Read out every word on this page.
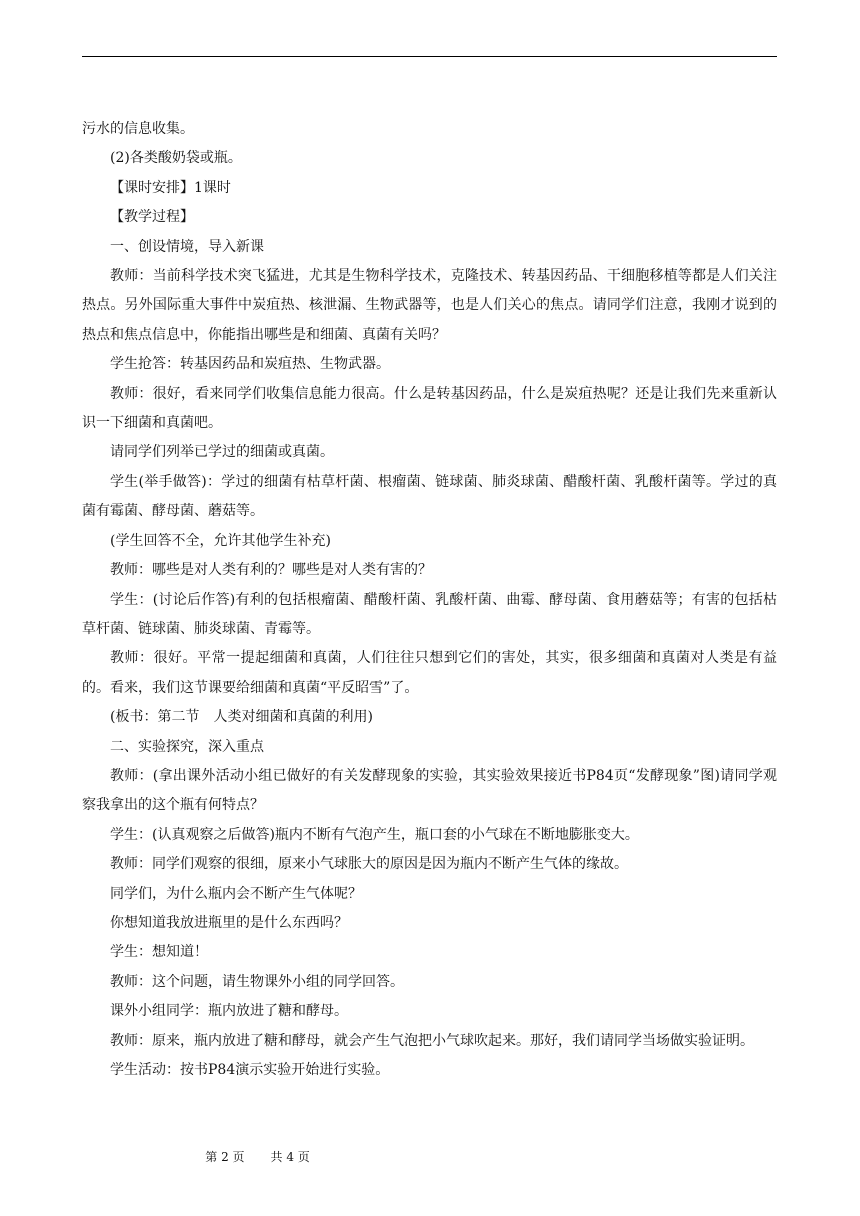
污水的信息收集。

(2)各类酸奶袋或瓶。

【课时安排】1课时

【教学过程】

一、创设情境，导入新课

教师：当前科学技术突飞猛进，尤其是生物科学技术，克隆技术、转基因药品、干细胞移植等都是人们关注热点。另外国际重大事件中炭疽热、核泄漏、生物武器等，也是人们关心的焦点。请同学们注意，我刚才说到的热点和焦点信息中，你能指出哪些是和细菌、真菌有关吗？

学生抢答：转基因药品和炭疽热、生物武器。

教师：很好，看来同学们收集信息能力很高。什么是转基因药品，什么是炭疽热呢？还是让我们先来重新认识一下细菌和真菌吧。

请同学们列举已学过的细菌或真菌。

学生(举手做答)：学过的细菌有枯草杆菌、根瘤菌、链球菌、肺炎球菌、醋酸杆菌、乳酸杆菌等。学过的真菌有霉菌、酵母菌、蘑菇等。

(学生回答不全，允许其他学生补充)

教师：哪些是对人类有利的？哪些是对人类有害的？

学生：(讨论后作答)有利的包括根瘤菌、醋酸杆菌、乳酸杆菌、曲霉、酵母菌、食用蘑菇等；有害的包括枯草杆菌、链球菌、肺炎球菌、青霉等。

教师：很好。平常一提起细菌和真菌，人们往往只想到它们的害处，其实，很多细菌和真菌对人类是有益的。看来，我们这节课要给细菌和真菌“平反昭雪”了。

(板书：第二节　人类对细菌和真菌的利用)

二、实验探究，深入重点

教师：(拿出课外活动小组已做好的有关发酵现象的实验，其实验效果接近书P84页“发酵现象”图)请同学观察我拿出的这个瓶有何特点？

学生：(认真观察之后做答)瓶内不断有气泡产生，瓶口套的小气球在不断地膨胀变大。

教师：同学们观察的很细，原来小气球胀大的原因是因为瓶内不断产生气体的缘故。

同学们，为什么瓶内会不断产生气体呢？

你想知道我放进瓶里的是什么东西吗？

学生：想知道！

教师：这个问题，请生物课外小组的同学回答。

课外小组同学：瓶内放进了糖和酵母。

教师：原来，瓶内放进了糖和酵母，就会产生气泡把小气球吹起来。那好，我们请同学当场做实验证明。

学生活动：按书P84演示实验开始进行实验。

第 2 页 共 4 页
